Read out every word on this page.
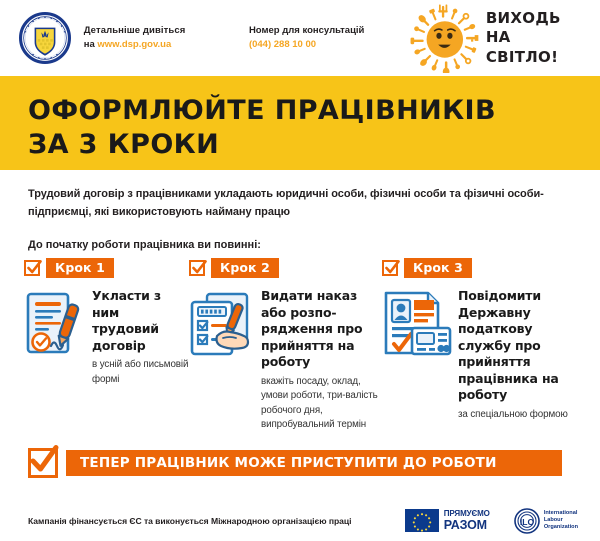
Детальніше дивіться
на www.dsp.gov.ua
Номер для консультацій
(044) 288 10 00
ВИХОДЬ
НА СВІТЛО!
ОФОРМЛЮЙТЕ ПРАЦІВНИКІВ
ЗА 3 КРОКИ

Трудовий договір з працівниками укладають юридичні особи, фізичні особи та фізичні особи-підприємці, які використовують найману працю

До початку роботи працівника ви повинні:

Крок 1
Укласти з ним трудовий договір
в усній або письмовій формі
Крок 2
Видати наказ або розпо-рядження про прийняття на роботу
вкажіть посаду, оклад, умови роботи, три-валість робочого дня, випробувальний термін
Крок 3
Повідомити Державну податкову службу про прийняття працівника на роботу
за спеціальною формою
ТЕПЕР ПРАЦІВНИК МОЖЕ ПРИСТУПИТИ ДО РОБОТИ
Кампанія фінансується ЄС та виконується Міжнародною організацією праці
ПРЯМУЄМО
РАЗОМ	ILO
International
Labour
Organization
